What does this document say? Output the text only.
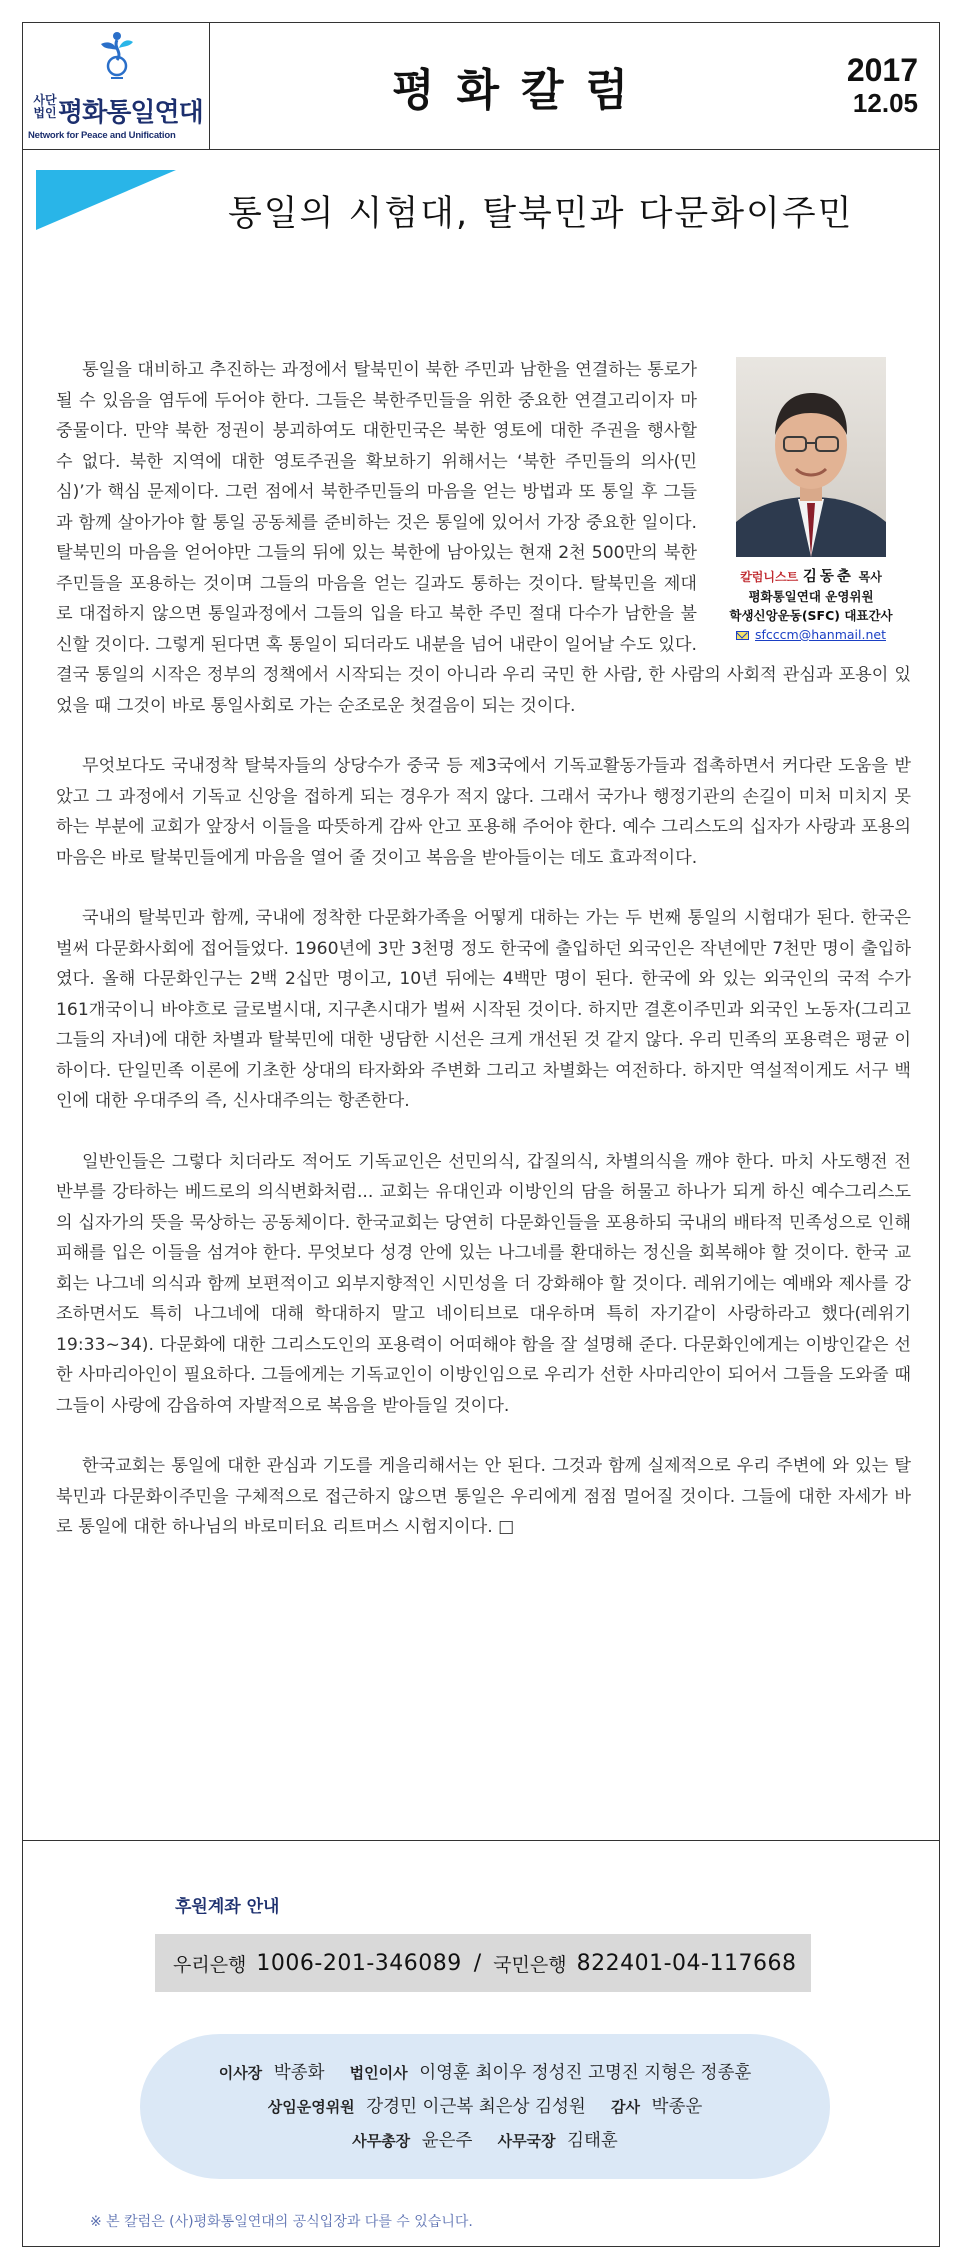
사단
법인 평화통일연대
Network for Peace and Unification
평화칼럼	2017
12.05
통일의 시험대, 탈북민과 다문화이주민
칼럼니스트 김동춘 목사
평화통일연대 운영위원
학생신앙운동(SFC) 대표간사
sfcccm@hanmail.net

통일을 대비하고 추진하는 과정에서 탈북민이 북한 주민과 남한을 연결하는 통로가 될 수 있음을 염두에 두어야 한다. 그들은 북한주민들을 위한 중요한 연결고리이자 마중물이다. 만약 북한 정권이 붕괴하여도 대한민국은 북한 영토에 대한 주권을 행사할 수 없다. 북한 지역에 대한 영토주권을 확보하기 위해서는 ‘북한 주민들의 의사(민심)’가 핵심 문제이다. 그런 점에서 북한주민들의 마음을 얻는 방법과 또 통일 후 그들과 함께 살아가야 할 통일 공동체를 준비하는 것은 통일에 있어서 가장 중요한 일이다. 탈북민의 마음을 얻어야만 그들의 뒤에 있는 북한에 남아있는 현재 2천 500만의 북한주민들을 포용하는 것이며 그들의 마음을 얻는 길과도 통하는 것이다. 탈북민을 제대로 대접하지 않으면 통일과정에서 그들의 입을 타고 북한 주민 절대 다수가 남한을 불신할 것이다. 그렇게 된다면 혹 통일이 되더라도 내분을 넘어 내란이 일어날 수도 있다. 결국 통일의 시작은 정부의 정책에서 시작되는 것이 아니라 우리 국민 한 사람, 한 사람의 사회적 관심과 포용이 있었을 때 그것이 바로 통일사회로 가는 순조로운 첫걸음이 되는 것이다.

무엇보다도 국내정착 탈북자들의 상당수가 중국 등 제3국에서 기독교활동가들과 접촉하면서 커다란 도움을 받았고 그 과정에서 기독교 신앙을 접하게 되는 경우가 적지 않다. 그래서 국가나 행정기관의 손길이 미처 미치지 못하는 부분에 교회가 앞장서 이들을 따뜻하게 감싸 안고 포용해 주어야 한다. 예수 그리스도의 십자가 사랑과 포용의 마음은 바로 탈북민들에게 마음을 열어 줄 것이고 복음을 받아들이는 데도 효과적이다.

국내의 탈북민과 함께, 국내에 정착한 다문화가족을 어떻게 대하는 가는 두 번째 통일의 시험대가 된다. 한국은 벌써 다문화사회에 접어들었다. 1960년에 3만 3천명 정도 한국에 출입하던 외국인은 작년에만 7천만 명이 출입하였다. 올해 다문화인구는 2백 2십만 명이고, 10년 뒤에는 4백만 명이 된다. 한국에 와 있는 외국인의 국적 수가 161개국이니 바야흐로 글로벌시대, 지구촌시대가 벌써 시작된 것이다. 하지만 결혼이주민과 외국인 노동자(그리고 그들의 자녀)에 대한 차별과 탈북민에 대한 냉담한 시선은 크게 개선된 것 같지 않다. 우리 민족의 포용력은 평균 이하이다. 단일민족 이론에 기초한 상대의 타자화와 주변화 그리고 차별화는 여전하다. 하지만 역설적이게도 서구 백인에 대한 우대주의 즉, 신사대주의는 항존한다.

일반인들은 그렇다 치더라도 적어도 기독교인은 선민의식, 갑질의식, 차별의식을 깨야 한다. 마치 사도행전 전반부를 강타하는 베드로의 의식변화처럼... 교회는 유대인과 이방인의 담을 허물고 하나가 되게 하신 예수그리스도의 십자가의 뜻을 묵상하는 공동체이다. 한국교회는 당연히 다문화인들을 포용하되 국내의 배타적 민족성으로 인해 피해를 입은 이들을 섬겨야 한다. 무엇보다 성경 안에 있는 나그네를 환대하는 정신을 회복해야 할 것이다. 한국 교회는 나그네 의식과 함께 보편적이고 외부지향적인 시민성을 더 강화해야 할 것이다. 레위기에는 예배와 제사를 강조하면서도 특히 나그네에 대해 학대하지 말고 네이티브로 대우하며 특히 자기같이 사랑하라고 했다(레위기19:33~34). 다문화에 대한 그리스도인의 포용력이 어떠해야 함을 잘 설명해 준다. 다문화인에게는 이방인같은 선한 사마리아인이 필요하다. 그들에게는 기독교인이 이방인임으로 우리가 선한 사마리안이 되어서 그들을 도와줄 때 그들이 사랑에 감읍하여 자발적으로 복음을 받아들일 것이다.

한국교회는 통일에 대한 관심과 기도를 게을리해서는 안 된다. 그것과 함께 실제적으로 우리 주변에 와 있는 탈북민과 다문화이주민을 구체적으로 접근하지 않으면 통일은 우리에게 점점 멀어질 것이다. 그들에 대한 자세가 바로 통일에 대한 하나님의 바로미터요 리트머스 시험지이다. □

후원계좌 안내
우리은행 1006-201-346089 / 국민은행 822401-04-117668
이사장 박종화 법인이사 이영훈 최이우 정성진 고명진 지형은 정종훈
상임운영위원 강경민 이근복 최은상 김성원 감사 박종운
사무총장 윤은주 사무국장 김태훈
※ 본 칼럼은 (사)평화통일연대의 공식입장과 다를 수 있습니다.
